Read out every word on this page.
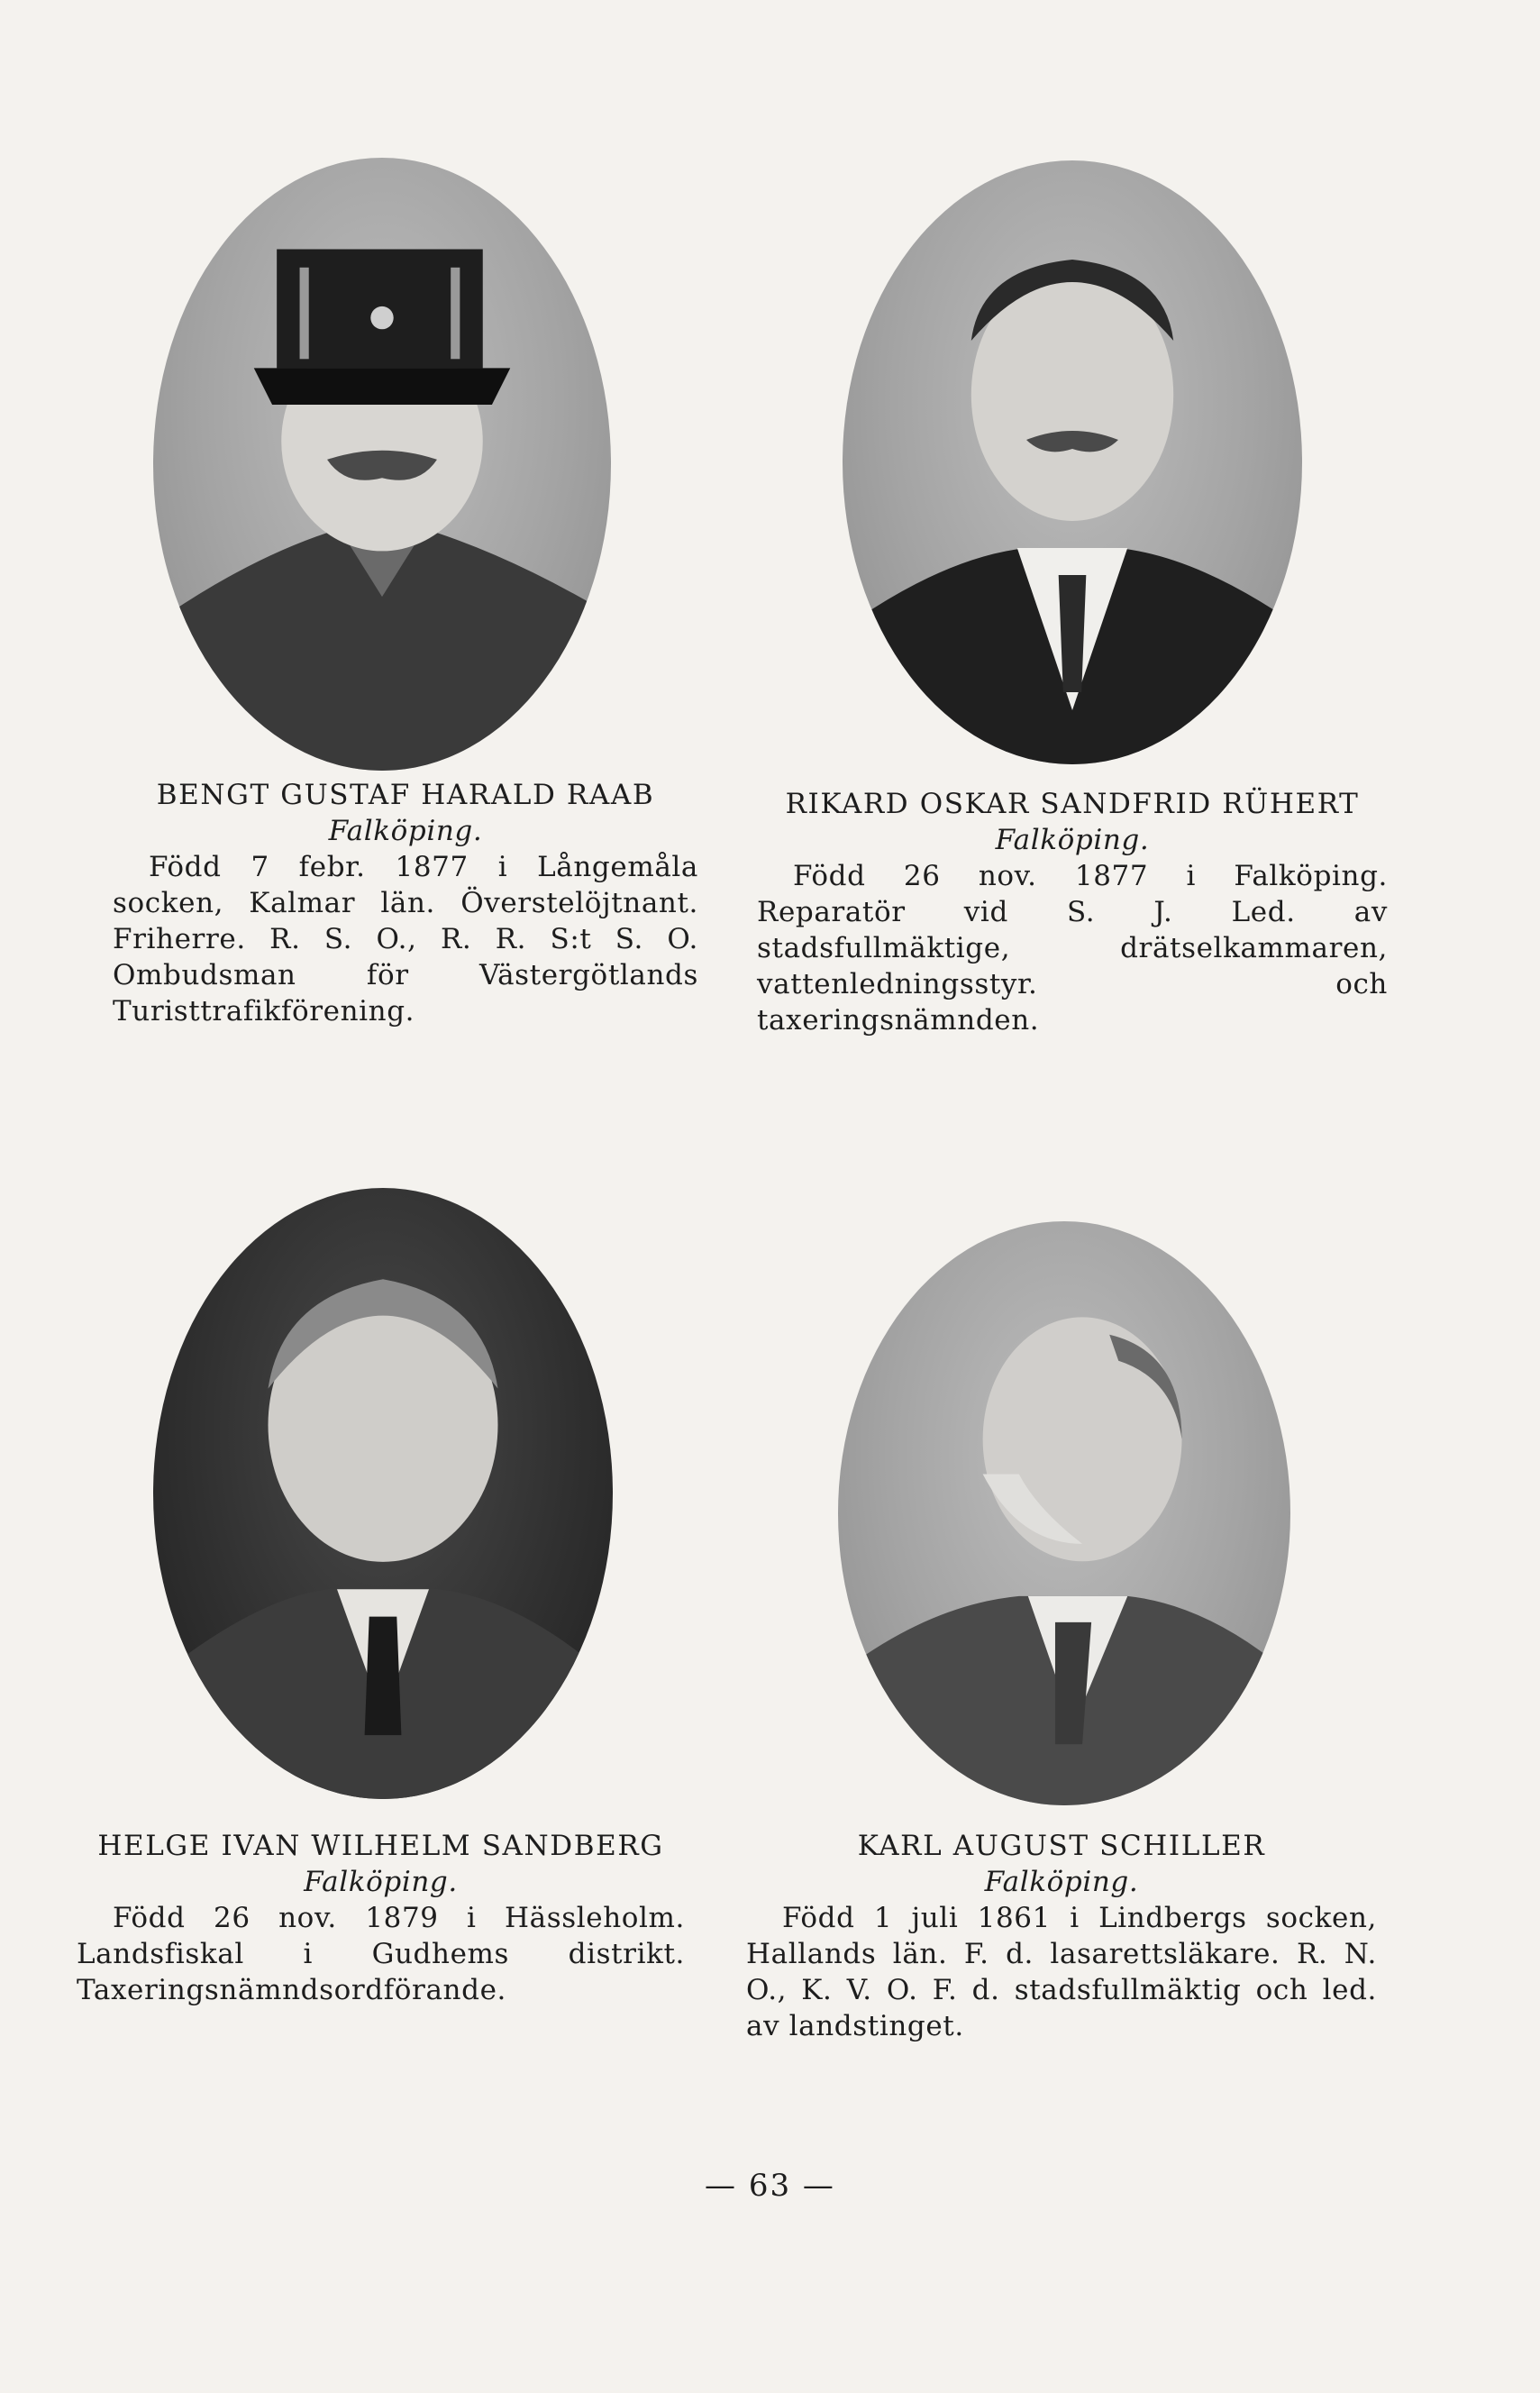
BENGT GUSTAF HARALD RAAB
Falköping.
Född 7 febr. 1877 i Långemåla socken, Kalmar län. Överstelöjtnant. Friherre. R. S. O., R. R. S:t S. O. Ombudsman för Västergötlands Turisttrafikförening.
RIKARD OSKAR SANDFRID RÜHERT
Falköping.
Född 26 nov. 1877 i Falköping. Reparatör vid S. J. Led. av stadsfullmäktige, drätselkammaren, vattenledningsstyr. och taxeringsnämnden.
HELGE IVAN WILHELM SANDBERG
Falköping.
Född 26 nov. 1879 i Hässleholm. Landsfiskal i Gudhems distrikt. Taxeringsnämndsordförande.
KARL AUGUST SCHILLER
Falköping.
Född 1 juli 1861 i Lindbergs socken, Hallands län. F. d. lasarettsläkare. R. N. O., K. V. O. F. d. stadsfullmäktig och led. av landstinget.
— 63 —
